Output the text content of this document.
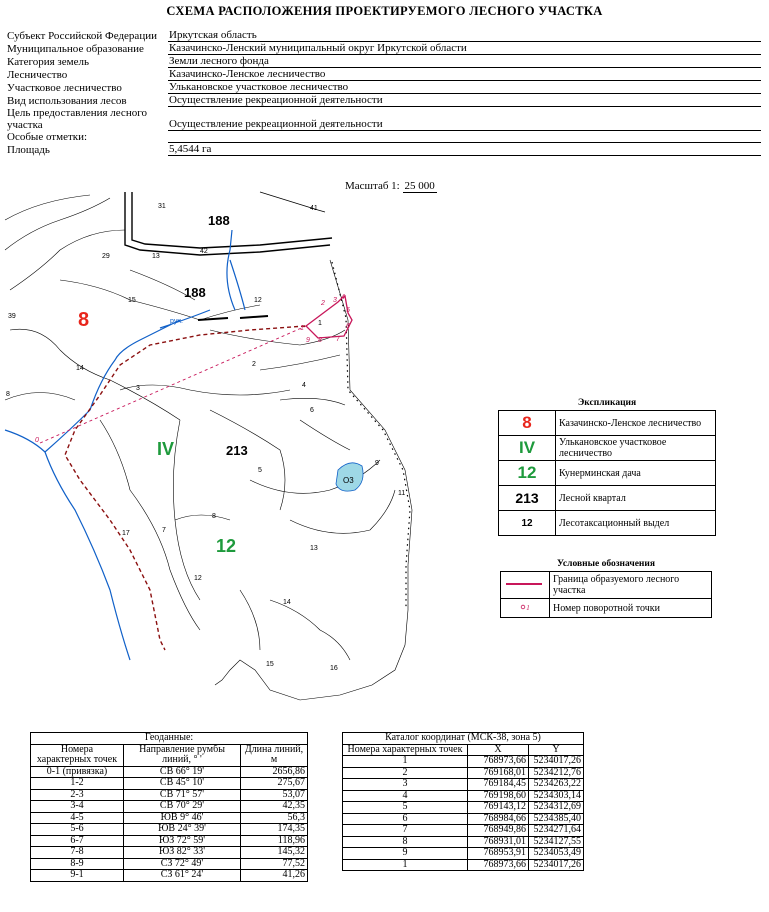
СХЕМА РАСПОЛОЖЕНИЯ ПРОЕКТИРУЕМОГО ЛЕСНОГО УЧАСТКА
Субъект Российской Федерации	Иркутская область
Муниципальное образование	Казачинско-Ленский муниципальный округ Иркутской области
Категория земель	Земли лесного фонда
Лесничество	Казачинско-Ленское лесничество
Участковое лесничество	Улькановское участковое лесничество
Вид использования лесов	Осуществление рекреационной деятельности
Цель предоставления лесного участка	Осуществление рекреационной деятельности
Особые отметки:	
Площадь	5,4544 га
Масштаб 1: 25 000
О3
8
IV
12
188
188
213
руч.
31	41
29	13
42
15	12
39
1
14
2
3	4
8
6
5
9
11
7
17
8
12
13
14
15
16
0
1
2 3 4
5
6
7
8
9
Экспликация
8	Казачинско-Ленское лесничество
IV	Улькановское участковое лесничество
12	Кунерминская дача
213	Лесной квартал
12	Лесотаксационный выдел
Условные обозначения
	Граница образуемого лесного участка
1	Номер поворотной точки
Геоданные:		
Номера характерных точек	Направление румбы линий, ° '	Длина линий, м
0-1 (привязка)	СВ 66° 19'	2656,86
1-2	СВ 45° 10'	275,67
2-3	СВ 71° 57'	53,07
3-4	СВ 70° 29'	42,35
4-5	ЮВ 9° 46'	56,3
5-6	ЮВ 24° 39'	174,35
6-7	ЮЗ 72° 59'	118,96
7-8	ЮЗ 82° 33'	145,32
8-9	СЗ 72° 49'	77,52
9-1	СЗ 61° 24'	41,26
Каталог координат (МСК-38, зона 5)		
Номера характерных точек	X	Y
1	768973,66	5234017,26
2	769168,01	5234212,76
3	769184,45	5234263,22
4	769198,60	5234303,14
5	769143,12	5234312,69
6	768984,66	5234385,40
7	768949,86	5234271,64
8	768931,01	5234127,55
9	768953,91	5234053,49
1	768973,66	5234017,26
